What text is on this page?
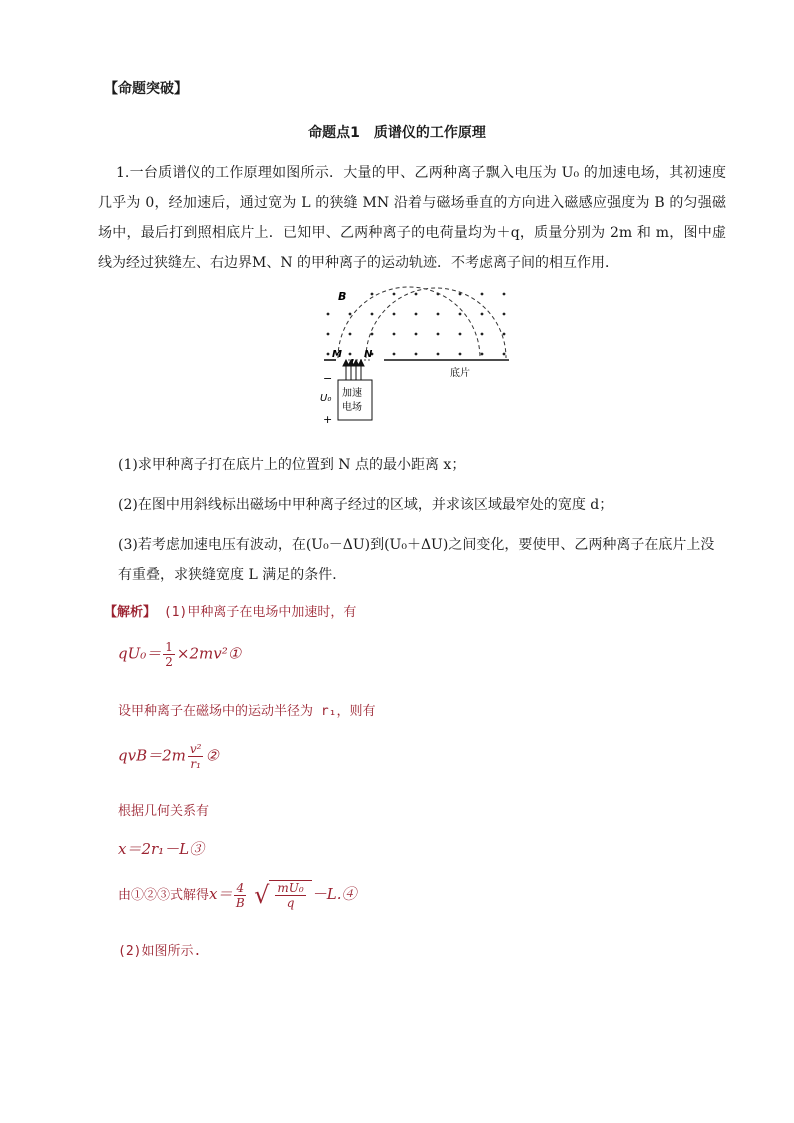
【命题突破】
命题点1　质谱仪的工作原理
1.一台质谱仪的工作原理如图所示．大量的甲、乙两种离子飘入电压为 U₀ 的加速电场，其初速度几乎为 0，经加速后，通过宽为 L 的狭缝 MN 沿着与磁场垂直的方向进入磁感应强度为 B 的匀强磁场中，最后打到照相底片上．已知甲、乙两种离子的电荷量均为＋q，质量分别为 2m 和 m，图中虚线为经过狭缝左、右边界M、N 的甲种离子的运动轨迹．不考虑离子间的相互作用．
B
M N
底片
加速
电场
−
U₀
+
(1)求甲种离子打在底片上的位置到 N 点的最小距离 x；
(2)在图中用斜线标出磁场中甲种离子经过的区域，并求该区域最窄处的宽度 d；
(3)若考虑加速电压有波动，在(U₀－ΔU)到(U₀＋ΔU)之间变化，要使甲、乙两种离子在底片上没有重叠，求狭缝宽度 L 满足的条件．
【解析】 (1)甲种离子在电场中加速时，有
$qU_0= \frac{1}{2}$ ×2mv²①
设甲种离子在磁场中的运动半径为 r₁，则有
$qvB=2m \frac{\text{v²}}{\text{r₁}}$ ②
根据几何关系有
x＝2r₁－L③
由①②③式解得$x= \frac{4}{B}$ √ $\frac{\text{mU₀}}{q}$ －L.④
(2)如图所示.
